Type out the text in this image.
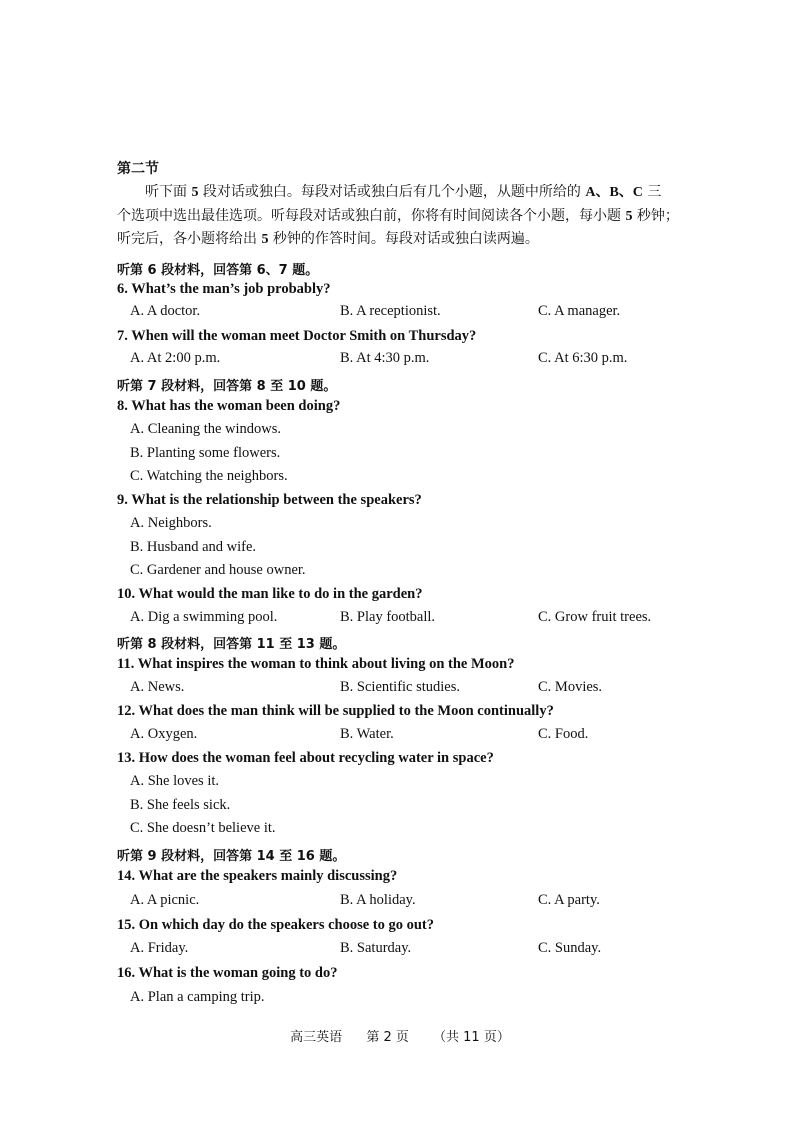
第二节

听下面 5 段对话或独白。每段对话或独白后有几个小题，从题中所给的 A、B、C 三

个选项中选出最佳选项。听每段对话或独白前，你将有时间阅读各个小题，每小题 5 秒钟；

听完后，各小题将给出 5 秒钟的作答时间。每段对话或独白读两遍。

听第 6 段材料，回答第 6、7 题。
6. What’s the man’s job probably?
A. A doctor.	B. A receptionist.	C. A manager.
7. When will the woman meet Doctor Smith on Thursday?
A. At 2:00 p.m.	B. At 4:30 p.m.	C. At 6:30 p.m.
听第 7 段材料，回答第 8 至 10 题。
8. What has the woman been doing?
A. Cleaning the windows.
B. Planting some flowers.
C. Watching the neighbors.
9. What is the relationship between the speakers?
A. Neighbors.
B. Husband and wife.
C. Gardener and house owner.
10. What would the man like to do in the garden?
A. Dig a swimming pool.	B. Play football.	C. Grow fruit trees.
听第 8 段材料，回答第 11 至 13 题。
11. What inspires the woman to think about living on the Moon?
A. News.	B. Scientific studies.	C. Movies.
12. What does the man think will be supplied to the Moon continually?
A. Oxygen.	B. Water.	C. Food.
13. How does the woman feel about recycling water in space?
A. She loves it.
B. She feels sick.
C. She doesn’t believe it.
听第 9 段材料，回答第 14 至 16 题。
14. What are the speakers mainly discussing?
A. A picnic.	B. A holiday.	C. A party.
15. On which day do the speakers choose to go out?
A. Friday.	B. Saturday.	C. Sunday.
16. What is the woman going to do?
A. Plan a camping trip.
高三英语 第 2 页 （共 11 页）
